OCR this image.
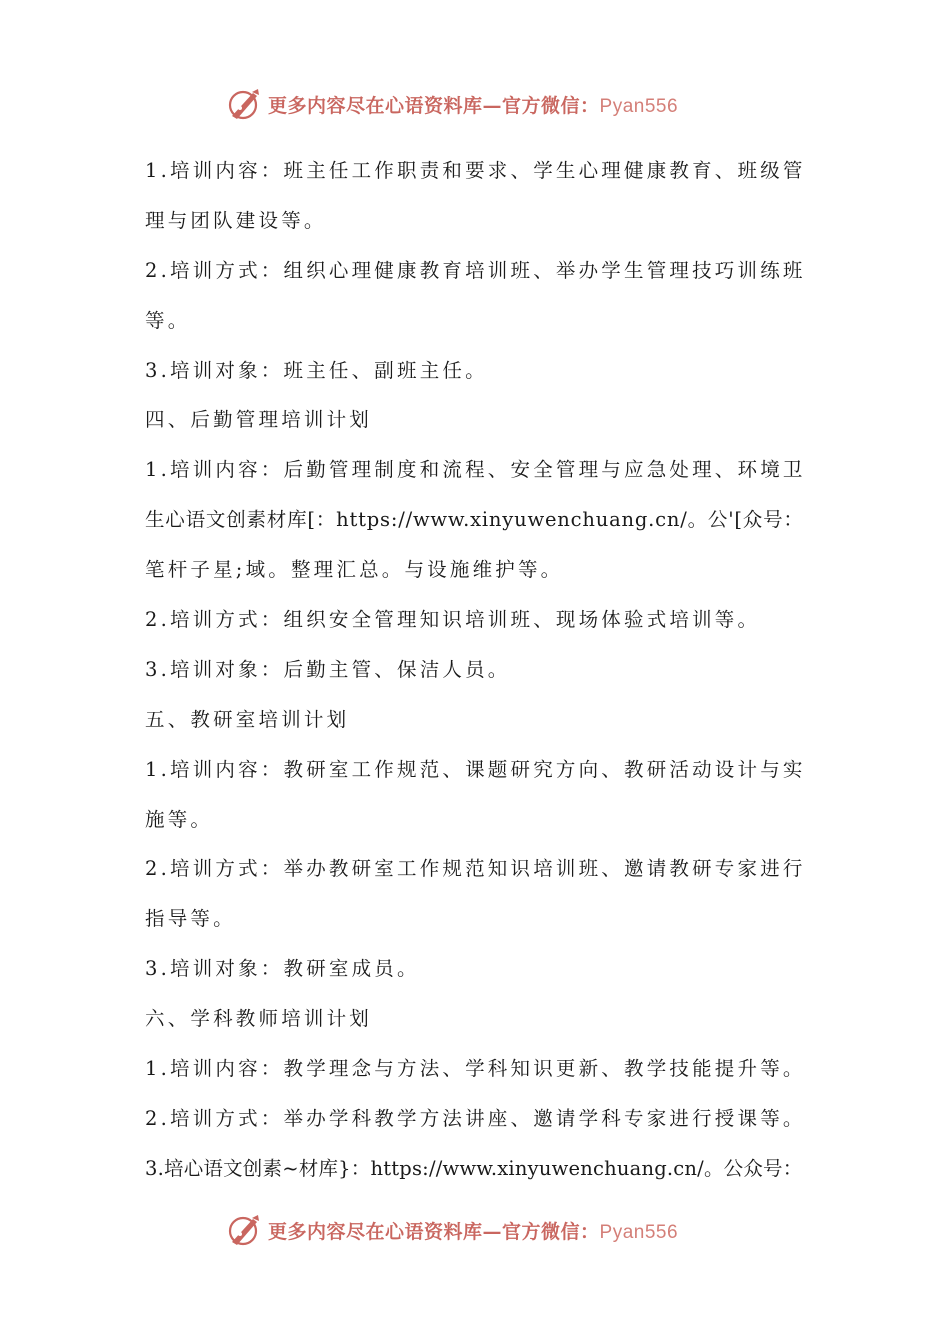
更多内容尽在心语资料库—官方微信：Pyan556
1.培训内容：班主任工作职责和要求、学生心理健康教育、班级管
理与团队建设等。
2.培训方式：组织心理健康教育培训班、举办学生管理技巧训练班
等。
3.培训对象：班主任、副班主任。
四、后勤管理培训计划
1.培训内容：后勤管理制度和流程、安全管理与应急处理、环境卫
生心语文创素材库[：https://www.xinyuwenchuang.cn/。公'[众号：
笔杆子星;域。整理汇总。与设施维护等。
2.培训方式：组织安全管理知识培训班、现场体验式培训等。
3.培训对象：后勤主管、保洁人员。
五、教研室培训计划
1.培训内容：教研室工作规范、课题研究方向、教研活动设计与实
施等。
2.培训方式：举办教研室工作规范知识培训班、邀请教研专家进行
指导等。
3.培训对象：教研室成员。
六、学科教师培训计划
1.培训内容：教学理念与方法、学科知识更新、教学技能提升等。
2.培训方式：举办学科教学方法讲座、邀请学科专家进行授课等。
3.培心语文创素~材库}：https://www.xinyuwenchuang.cn/。公众号：
更多内容尽在心语资料库—官方微信：Pyan556
